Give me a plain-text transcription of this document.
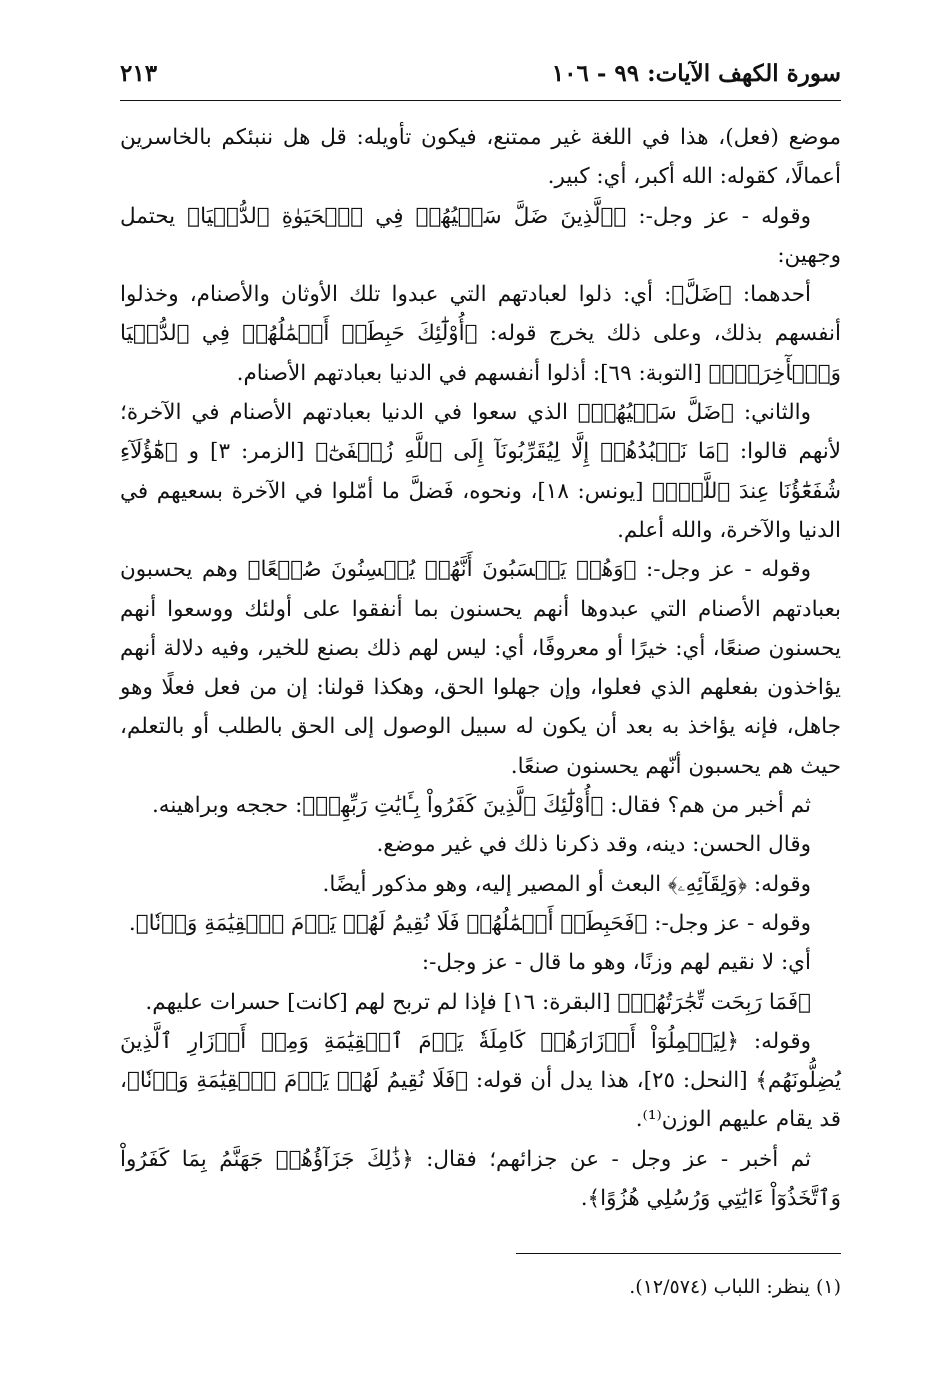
سورة الكهف الآيات: ٩٩ - ١٠٦
٢١٣

موضع (فعل)، هذا في اللغة غير ممتنع، فيكون تأويله: قل هل ننبئكم بالخاسرين أعمالًا، كقوله: الله أكبر، أي: كبير.

وقوله - عز وجل-: ﴿ٱلَّذِينَ ضَلَّ سَعۡيُهُمۡ فِي ٱلۡحَيَوٰةِ ٱلدُّنۡيَا﴾ يحتمل وجهين:

أحدهما: ﴿ضَلَّ﴾: أي: ذلوا لعبادتهم التي عبدوا تلك الأوثان والأصنام، وخذلوا أنفسهم بذلك، وعلى ذلك يخرج قوله: ﴿أُوْلَٰٓئِكَ حَبِطَتۡ أَعۡمَٰلُهُمۡ فِي ٱلدُّنۡيَا وَٱلۡأٓخِرَةِۖ﴾ [التوبة: ٦٩]: أذلوا أنفسهم في الدنيا بعبادتهم الأصنام.

والثاني: ﴿ضَلَّ سَعۡيُهُمۡ﴾ الذي سعوا في الدنيا بعبادتهم الأصنام في الآخرة؛ لأنهم قالوا: ﴿مَا نَعۡبُدُهُمۡ إِلَّا لِيُقَرِّبُونَآ إِلَى ٱللَّهِ زُلۡفَىٰٓ﴾ [الزمر: ٣] و ﴿هَٰٓؤُلَآءِ شُفَعَٰٓؤُنَا عِندَ ٱللَّهِۚ﴾ [يونس: ١٨]، ونحوه، فَضلَّ ما أمّلوا في الآخرة بسعيهم في الدنيا والآخرة، والله أعلم.

وقوله - عز وجل-: ﴿وَهُمۡ يَحۡسَبُونَ أَنَّهُمۡ يُحۡسِنُونَ صُنۡعًا﴾ وهم يحسبون بعبادتهم الأصنام التي عبدوها أنهم يحسنون بما أنفقوا على أولئك ووسعوا أنهم يحسنون صنعًا، أي: خيرًا أو معروفًا، أي: ليس لهم ذلك بصنع للخير، وفيه دلالة أنهم يؤاخذون بفعلهم الذي فعلوا، وإن جهلوا الحق، وهكذا قولنا: إن من فعل فعلًا وهو جاهل، فإنه يؤاخذ به بعد أن يكون له سبيل الوصول إلى الحق بالطلب أو بالتعلم، حيث هم يحسبون أنّهم يحسنون صنعًا.

ثم أخبر من هم؟ فقال: ﴿أُوْلَٰٓئِكَ ٱلَّذِينَ كَفَرُواْ بِـَٔايَٰتِ رَبِّهِمۡ﴾: حججه وبراهينه.

وقال الحسن: دينه، وقد ذكرنا ذلك في غير موضع.

وقوله: ﴿وَلِقَآئِهِۦ﴾ البعث أو المصير إليه، وهو مذكور أيضًا.

وقوله - عز وجل-: ﴿فَحَبِطَتۡ أَعۡمَٰلُهُمۡ فَلَا نُقِيمُ لَهُمۡ يَوۡمَ ٱلۡقِيَٰمَةِ وَزۡنٗا﴾.

أي: لا نقيم لهم وزنًا، وهو ما قال - عز وجل-:

﴿فَمَا رَبِحَت تِّجَٰرَتُهُمۡ﴾ [البقرة: ١٦] فإذا لم تربح لهم [كانت] حسرات عليهم.

وقوله: ﴿لِيَحۡمِلُوٓاْ أَوۡزَارَهُمۡ كَامِلَةٗ يَوۡمَ ٱلۡقِيَٰمَةِ وَمِنۡ أَوۡزَارِ ٱلَّذِينَ يُضِلُّونَهُم﴾ [النحل: ٢٥]، هذا يدل أن قوله: ﴿فَلَا نُقِيمُ لَهُمۡ يَوۡمَ ٱلۡقِيَٰمَةِ وَزۡنٗا﴾، قد يقام عليهم الوزن⁽¹⁾.

ثم أخبر - عز وجل - عن جزائهم؛ فقال: ﴿ذَٰلِكَ جَزَآؤُهُمۡ جَهَنَّمُ بِمَا كَفَرُواْ وَٱتَّخَذُوٓاْ ءَايَٰتِي وَرُسُلِي هُزُوًا﴾.

(١) ينظر: اللباب (١٢/٥٧٤).
